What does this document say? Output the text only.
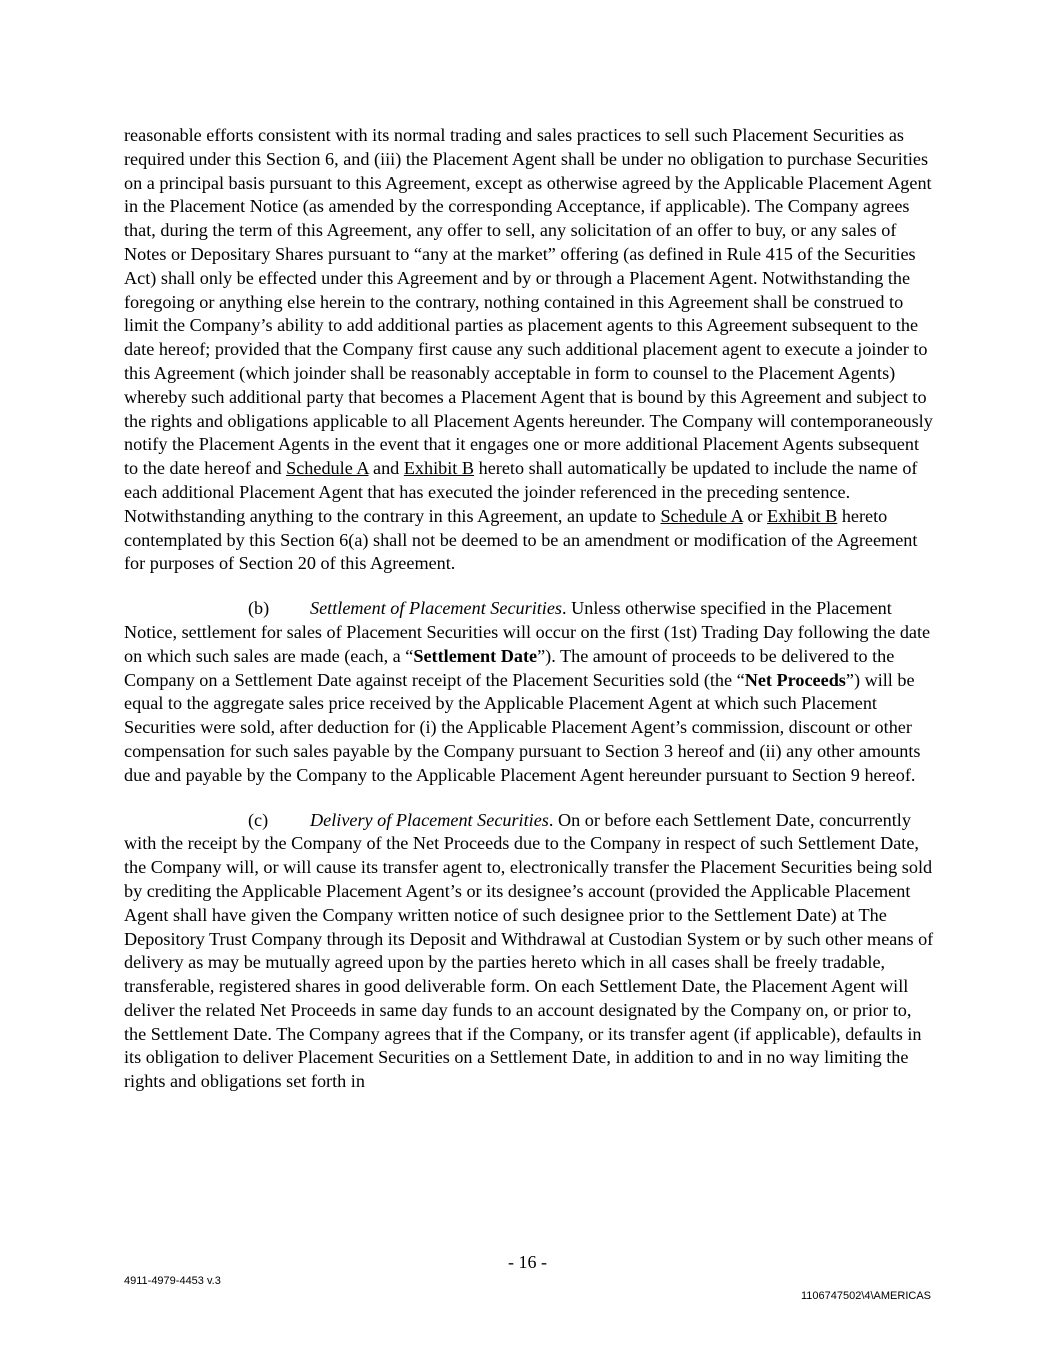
reasonable efforts consistent with its normal trading and sales practices to sell such Placement Securities as required under this Section 6, and (iii) the Placement Agent shall be under no obligation to purchase Securities on a principal basis pursuant to this Agreement, except as otherwise agreed by the Applicable Placement Agent in the Placement Notice (as amended by the corresponding Acceptance, if applicable). The Company agrees that, during the term of this Agreement, any offer to sell, any solicitation of an offer to buy, or any sales of Notes or Depositary Shares pursuant to “any at the market” offering (as defined in Rule 415 of the Securities Act) shall only be effected under this Agreement and by or through a Placement Agent. Notwithstanding the foregoing or anything else herein to the contrary, nothing contained in this Agreement shall be construed to limit the Company’s ability to add additional parties as placement agents to this Agreement subsequent to the date hereof; provided that the Company first cause any such additional placement agent to execute a joinder to this Agreement (which joinder shall be reasonably acceptable in form to counsel to the Placement Agents) whereby such additional party that becomes a Placement Agent that is bound by this Agreement and subject to the rights and obligations applicable to all Placement Agents hereunder. The Company will contemporaneously notify the Placement Agents in the event that it engages one or more additional Placement Agents subsequent to the date hereof and Schedule A and Exhibit B hereto shall automatically be updated to include the name of each additional Placement Agent that has executed the joinder referenced in the preceding sentence. Notwithstanding anything to the contrary in this Agreement, an update to Schedule A or Exhibit B hereto contemplated by this Section 6(a) shall not be deemed to be an amendment or modification of the Agreement for purposes of Section 20 of this Agreement.

(b) Settlement of Placement Securities. Unless otherwise specified in the Placement Notice, settlement for sales of Placement Securities will occur on the first (1st) Trading Day following the date on which such sales are made (each, a “Settlement Date”). The amount of proceeds to be delivered to the Company on a Settlement Date against receipt of the Placement Securities sold (the “Net Proceeds”) will be equal to the aggregate sales price received by the Applicable Placement Agent at which such Placement Securities were sold, after deduction for (i) the Applicable Placement Agent’s commission, discount or other compensation for such sales payable by the Company pursuant to Section 3 hereof and (ii) any other amounts due and payable by the Company to the Applicable Placement Agent hereunder pursuant to Section 9 hereof.

(c) Delivery of Placement Securities. On or before each Settlement Date, concurrently with the receipt by the Company of the Net Proceeds due to the Company in respect of such Settlement Date, the Company will, or will cause its transfer agent to, electronically transfer the Placement Securities being sold by crediting the Applicable Placement Agent’s or its designee’s account (provided the Applicable Placement Agent shall have given the Company written notice of such designee prior to the Settlement Date) at The Depository Trust Company through its Deposit and Withdrawal at Custodian System or by such other means of delivery as may be mutually agreed upon by the parties hereto which in all cases shall be freely tradable, transferable, registered shares in good deliverable form. On each Settlement Date, the Placement Agent will deliver the related Net Proceeds in same day funds to an account designated by the Company on, or prior to, the Settlement Date. The Company agrees that if the Company, or its transfer agent (if applicable), defaults in its obligation to deliver Placement Securities on a Settlement Date, in addition to and in no way limiting the rights and obligations set forth in

- 16 -
4911-4979-4453 v.3
1106747502\4\AMERICAS
